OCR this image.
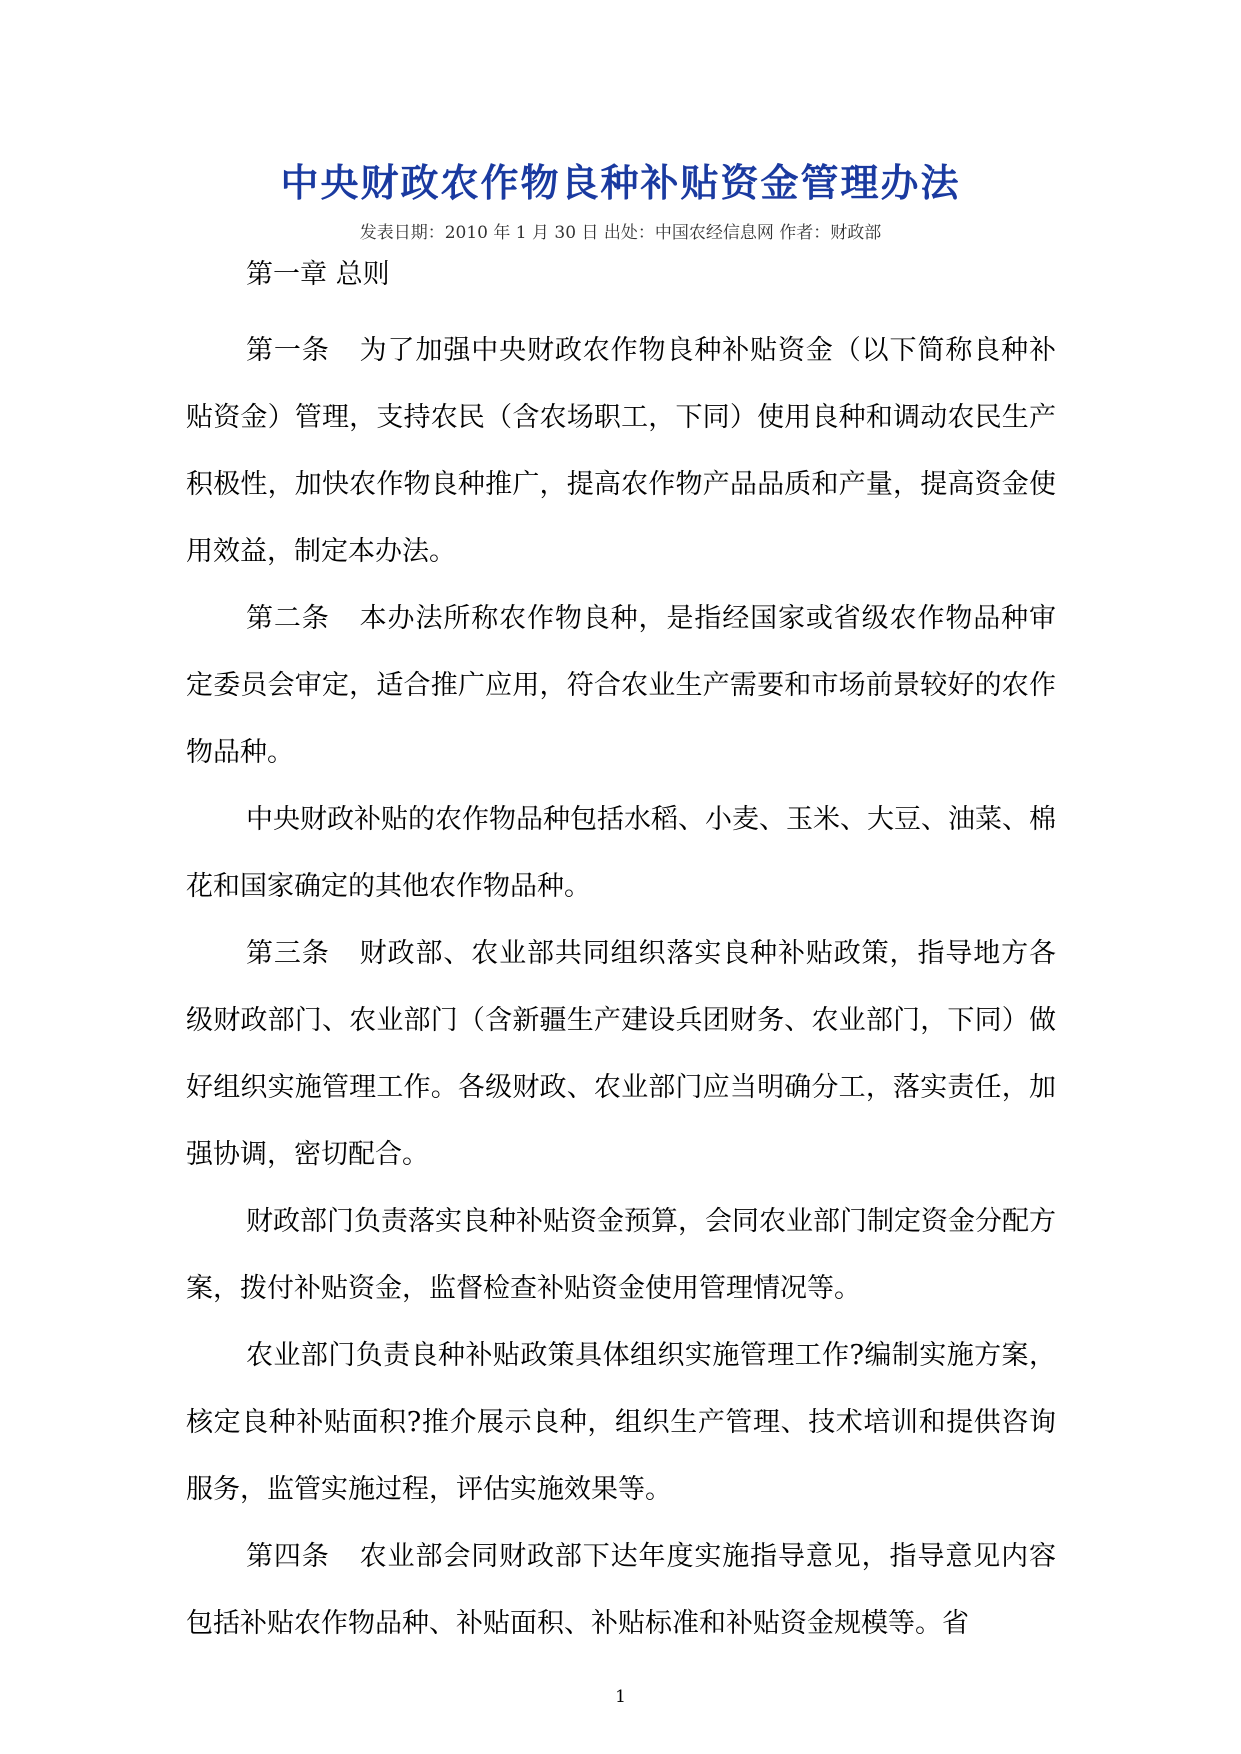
中央财政农作物良种补贴资金管理办法
发表日期：2010 年 1 月 30 日 出处：中国农经信息网 作者：财政部
第一章 总则

第一条 为了加强中央财政农作物良种补贴资金（以下简称良种补贴资金）管理，支持农民（含农场职工，下同）使用良种和调动农民生产积极性，加快农作物良种推广，提高农作物产品品质和产量，提高资金使用效益，制定本办法。

第二条 本办法所称农作物良种，是指经国家或省级农作物品种审定委员会审定，适合推广应用，符合农业生产需要和市场前景较好的农作物品种。

中央财政补贴的农作物品种包括水稻、小麦、玉米、大豆、油菜、棉花和国家确定的其他农作物品种。

第三条 财政部、农业部共同组织落实良种补贴政策，指导地方各级财政部门、农业部门（含新疆生产建设兵团财务、农业部门，下同）做好组织实施管理工作。各级财政、农业部门应当明确分工，落实责任，加强协调，密切配合。

财政部门负责落实良种补贴资金预算，会同农业部门制定资金分配方案，拨付补贴资金，监督检查补贴资金使用管理情况等。

农业部门负责良种补贴政策具体组织实施管理工作?编制实施方案，核定良种补贴面积?推介展示良种，组织生产管理、技术培训和提供咨询服务，监管实施过程，评估实施效果等。

第四条 农业部会同财政部下达年度实施指导意见，指导意见内容包括补贴农作物品种、补贴面积、补贴标准和补贴资金规模等。省

1
